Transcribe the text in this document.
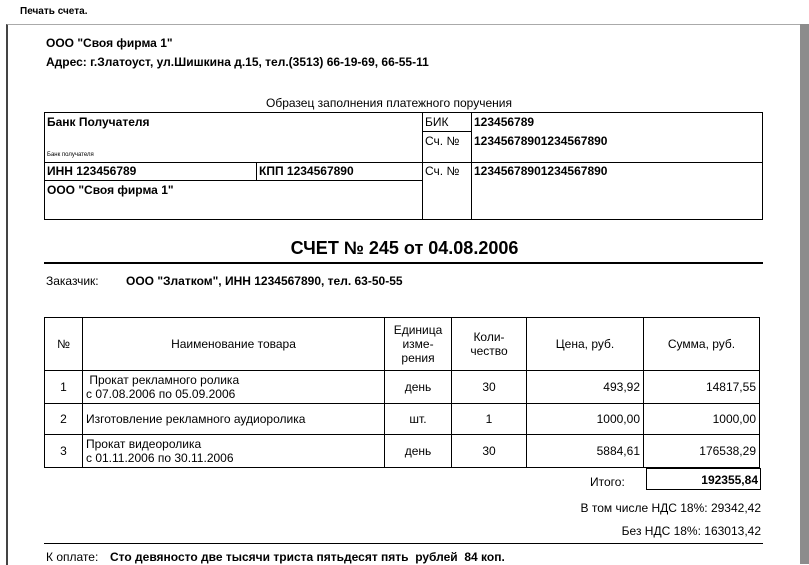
Печать счета.
ООО "Своя фирма 1"
Адрес: г.Златоуст, ул.Шишкина д.15, тел.(3513) 66-19-69, 66-55-11
Образец заполнения платежного поручения
Банк Получателя
Банк получателя
БИК 123456789
Сч. № 12345678901234567890
ИНН 123456789	КПП 1234567890	Сч. № 12345678901234567890
ООО "Своя фирма 1"
СЧЕТ № 245 от 04.08.2006
Заказчик: ООО "Златком", ИНН 1234567890, тел. 63-50-55
№	Наименование товара	Единица изме-рения	Коли-чество	Цена, руб.	Сумма, руб.
1	Прокат рекламного ролика
с 07.08.2006 по 05.09.2006	день	30	493,92	14817,55
2	Изготовление рекламного аудиоролика	шт.	1	1000,00	1000,00
3	Прокат видеоролика
с 01.11.2006 по 30.11.2006	день	30	5884,61	176538,29
Итого:	192355,84
В том числе НДС 18%: 29342,42
Без НДС 18%: 163013,42
К оплате: Сто девяносто две тысячи триста пятьдесят пять  рублей  84 коп.
